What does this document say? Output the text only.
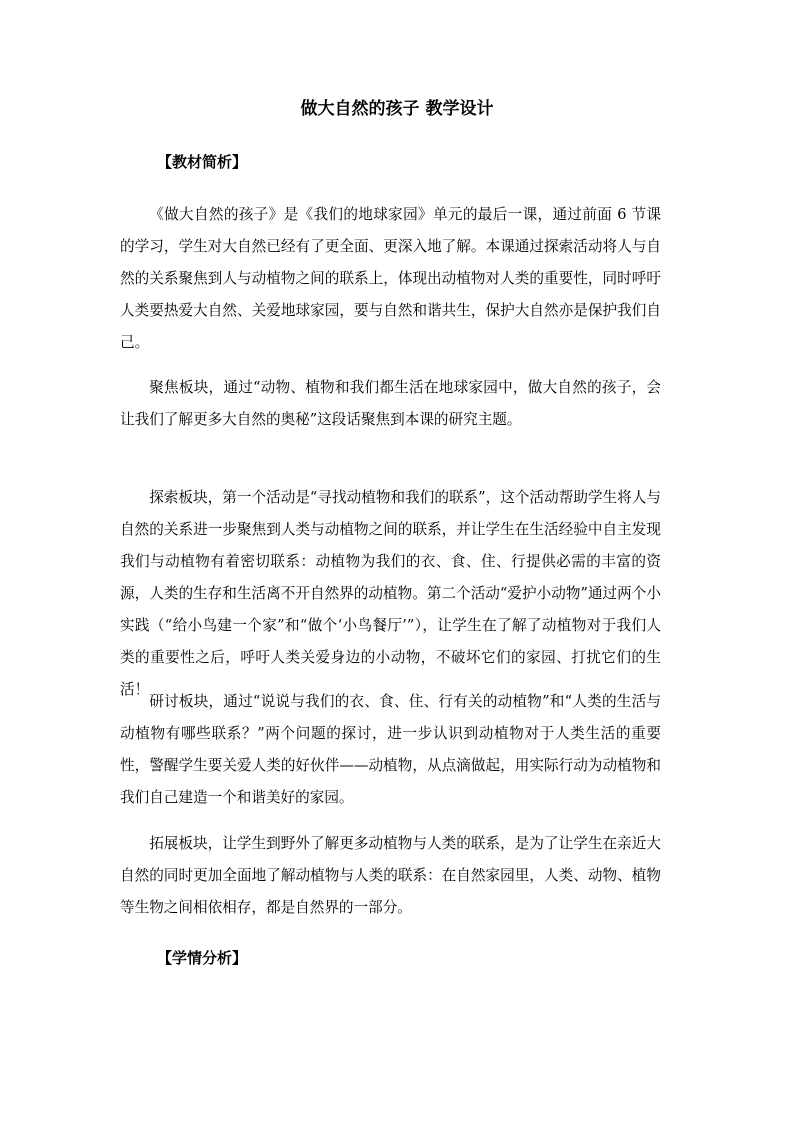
做大自然的孩子 教学设计
【教材简析】

《做大自然的孩子》是《我们的地球家园》单元的最后一课，通过前面 6 节课的学习，学生对大自然已经有了更全面、更深入地了解。本课通过探索活动将人与自然的关系聚焦到人与动植物之间的联系上，体现出动植物对人类的重要性，同时呼吁人类要热爱大自然、关爱地球家园，要与自然和谐共生，保护大自然亦是保护我们自己。

聚焦板块，通过“动物、植物和我们都生活在地球家园中，做大自然的孩子，会让我们了解更多大自然的奥秘”这段话聚焦到本课的研究主题。

探索板块，第一个活动是“寻找动植物和我们的联系”，这个活动帮助学生将人与自然的关系进一步聚焦到人类与动植物之间的联系，并让学生在生活经验中自主发现我们与动植物有着密切联系：动植物为我们的衣、食、住、行提供必需的丰富的资源，人类的生存和生活离不开自然界的动植物。第二个活动“爱护小动物”通过两个小实践（“给小鸟建一个家”和“做个‘小鸟餐厅’”），让学生在了解了动植物对于我们人类的重要性之后，呼吁人类关爱身边的小动物，不破坏它们的家园、打扰它们的生活！

研讨板块，通过“说说与我们的衣、食、住、行有关的动植物”和“人类的生活与动植物有哪些联系？”两个问题的探讨，进一步认识到动植物对于人类生活的重要性，警醒学生要关爱人类的好伙伴——动植物，从点滴做起，用实际行动为动植物和我们自己建造一个和谐美好的家园。

拓展板块，让学生到野外了解更多动植物与人类的联系，是为了让学生在亲近大自然的同时更加全面地了解动植物与人类的联系：在自然家园里，人类、动物、植物等生物之间相依相存，都是自然界的一部分。

【学情分析】
